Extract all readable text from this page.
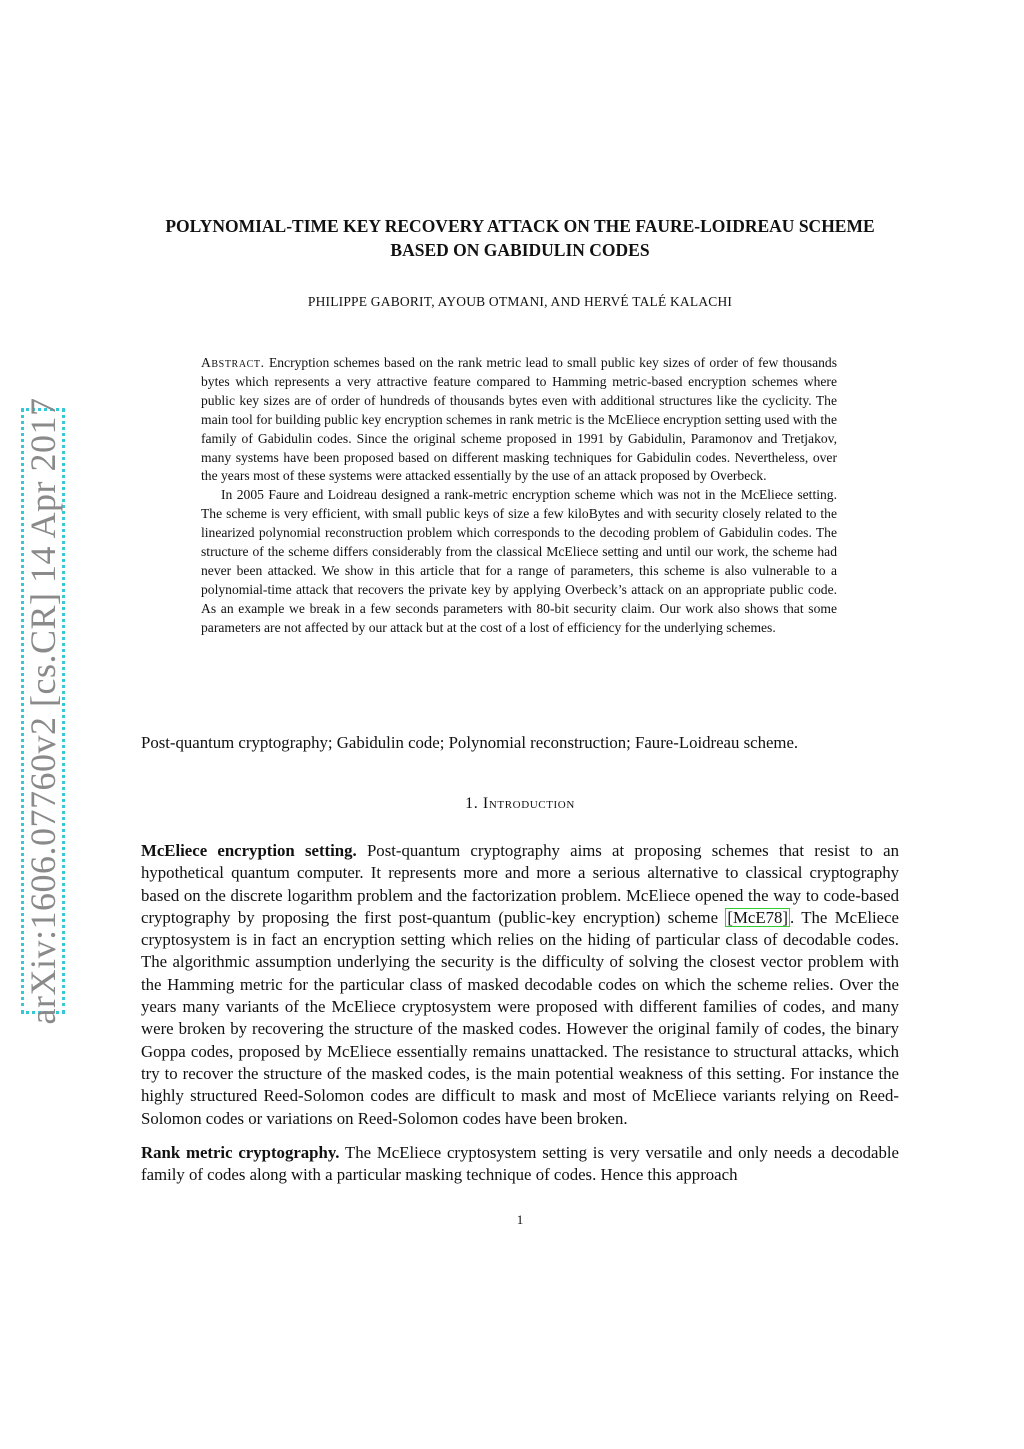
arXiv:1606.07760v2 [cs.CR] 14 Apr 2017
POLYNOMIAL-TIME KEY RECOVERY ATTACK ON THE FAURE-LOIDREAU SCHEME BASED ON GABIDULIN CODES
PHILIPPE GABORIT, AYOUB OTMANI, AND HERVÉ TALÉ KALACHI

Abstract. Encryption schemes based on the rank metric lead to small public key sizes of order of few thousands bytes which represents a very attractive feature compared to Hamming metric-based encryption schemes where public key sizes are of order of hundreds of thousands bytes even with additional structures like the cyclicity. The main tool for building public key encryption schemes in rank metric is the McEliece encryption setting used with the family of Gabidulin codes. Since the original scheme proposed in 1991 by Gabidulin, Paramonov and Tretjakov, many systems have been proposed based on different masking techniques for Gabidulin codes. Nevertheless, over the years most of these systems were attacked essentially by the use of an attack proposed by Overbeck.

In 2005 Faure and Loidreau designed a rank-metric encryption scheme which was not in the McEliece setting. The scheme is very efficient, with small public keys of size a few kiloBytes and with security closely related to the linearized polynomial reconstruction problem which corresponds to the decoding problem of Gabidulin codes. The structure of the scheme differs considerably from the classical McEliece setting and until our work, the scheme had never been attacked. We show in this article that for a range of parameters, this scheme is also vulnerable to a polynomial-time attack that recovers the private key by applying Overbeck’s attack on an appropriate public code. As an example we break in a few seconds parameters with 80-bit security claim. Our work also shows that some parameters are not affected by our attack but at the cost of a lost of efficiency for the underlying schemes.

Post-quantum cryptography; Gabidulin code; Polynomial reconstruction; Faure-Loidreau scheme.
1. Introduction

McEliece encryption setting. Post-quantum cryptography aims at proposing schemes that resist to an hypothetical quantum computer. It represents more and more a serious alternative to classical cryptography based on the discrete logarithm problem and the factorization problem. McEliece opened the way to code-based cryptography by proposing the first post-quantum (public-key encryption) scheme [McE78] . The McEliece cryptosystem is in fact an encryption setting which relies on the hiding of particular class of decodable codes. The algorithmic assumption underlying the security is the difficulty of solving the closest vector problem with the Hamming metric for the particular class of masked decodable codes on which the scheme relies. Over the years many variants of the McEliece cryptosystem were proposed with different families of codes, and many were broken by recovering the structure of the masked codes. However the original family of codes, the binary Goppa codes, proposed by McEliece essentially remains unattacked. The resistance to structural attacks, which try to recover the structure of the masked codes, is the main potential weakness of this setting. For instance the highly structured Reed-Solomon codes are difficult to mask and most of McEliece variants relying on Reed-Solomon codes or variations on Reed-Solomon codes have been broken.

Rank metric cryptography. The McEliece cryptosystem setting is very versatile and only needs a decodable family of codes along with a particular masking technique of codes. Hence this approach

1
